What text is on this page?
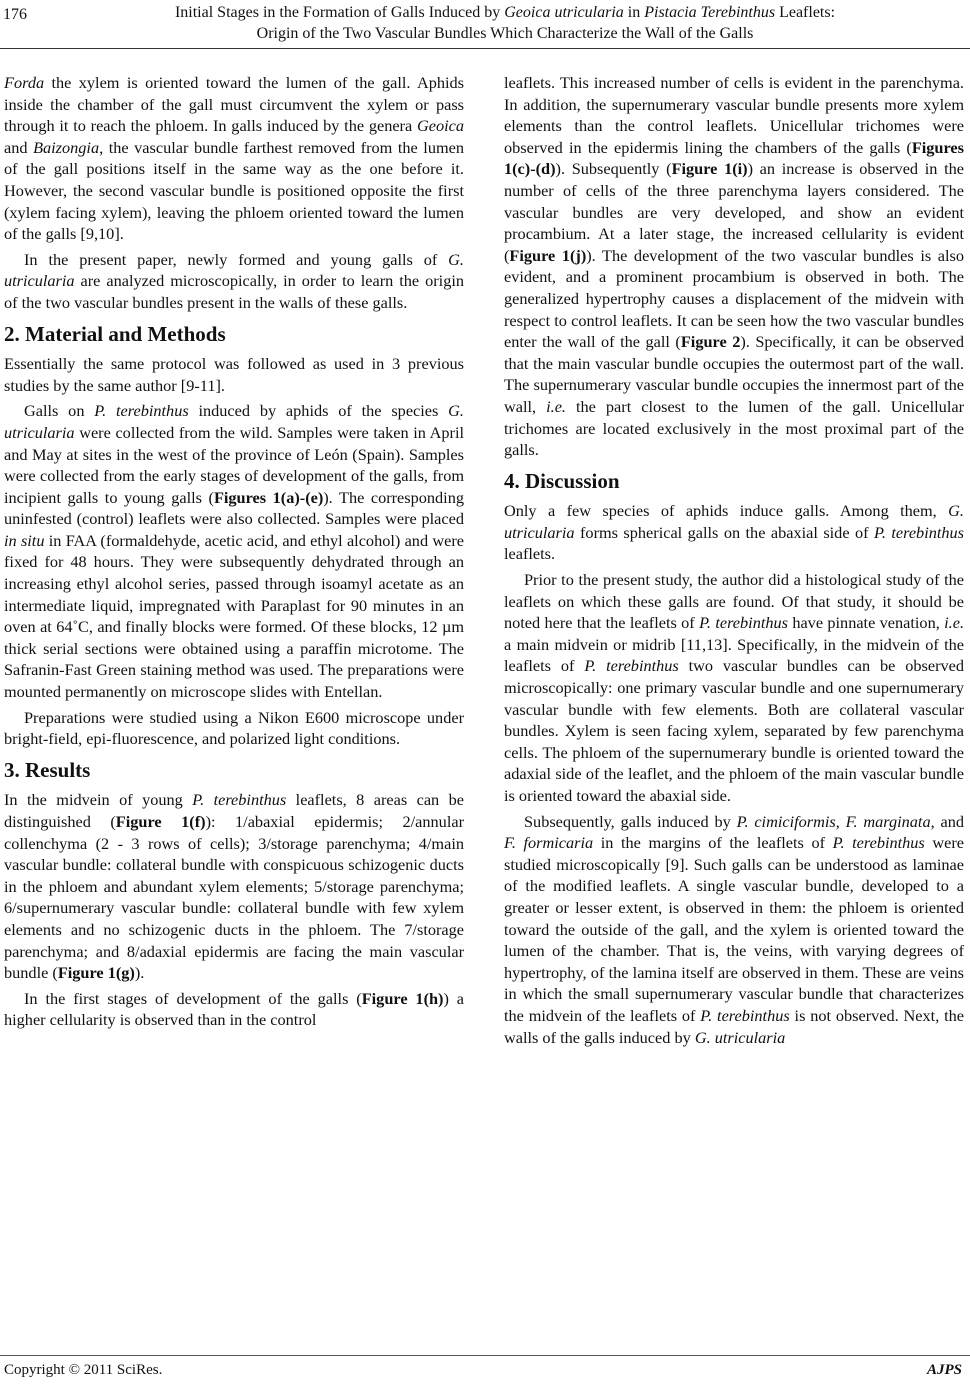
176	Initial Stages in the Formation of Galls Induced by Geoica utricularia in Pistacia Terebinthus Leaflets:
Origin of the Two Vascular Bundles Which Characterize the Wall of the Galls

Forda the xylem is oriented toward the lumen of the gall. Aphids inside the chamber of the gall must circumvent the xylem or pass through it to reach the phloem. In galls induced by the genera Geoica and Baizongia, the vascular bundle farthest removed from the lumen of the gall positions itself in the same way as the one before it. However, the second vascular bundle is positioned opposite the first (xylem facing xylem), leaving the phloem oriented toward the lumen of the galls [9,10].

In the present paper, newly formed and young galls of G. utricularia are analyzed microscopically, in order to learn the origin of the two vascular bundles present in the walls of these galls.

2. Material and Methods

Essentially the same protocol was followed as used in 3 previous studies by the same author [9-11].

Galls on P. terebinthus induced by aphids of the species G. utricularia were collected from the wild. Samples were taken in April and May at sites in the west of the province of León (Spain). Samples were collected from the early stages of development of the galls, from incipient galls to young galls (Figures 1(a)-(e)). The corresponding uninfested (control) leaflets were also collected. Samples were placed in situ in FAA (formaldehyde, acetic acid, and ethyl alcohol) and were fixed for 48 hours. They were subsequently dehydrated through an increasing ethyl alcohol series, passed through isoamyl acetate as an intermediate liquid, impregnated with Paraplast for 90 minutes in an oven at 64˚C, and finally blocks were formed. Of these blocks, 12 µm thick serial sections were obtained using a paraffin microtome. The Safranin-Fast Green staining method was used. The preparations were mounted permanently on microscope slides with Entellan.

Preparations were studied using a Nikon E600 microscope under bright-field, epi-fluorescence, and polarized light conditions.

3. Results

In the midvein of young P. terebinthus leaflets, 8 areas can be distinguished (Figure 1(f)): 1/abaxial epidermis; 2/annular collenchyma (2 - 3 rows of cells); 3/storage parenchyma; 4/main vascular bundle: collateral bundle with conspicuous schizogenic ducts in the phloem and abundant xylem elements; 5/storage parenchyma; 6/supernumerary vascular bundle: collateral bundle with few xylem elements and no schizogenic ducts in the phloem. The 7/storage parenchyma; and 8/adaxial epidermis are facing the main vascular bundle (Figure 1(g)).

In the first stages of development of the galls (Figure 1(h)) a higher cellularity is observed than in the control

leaflets. This increased number of cells is evident in the parenchyma. In addition, the supernumerary vascular bundle presents more xylem elements than the control leaflets. Unicellular trichomes were observed in the epidermis lining the chambers of the galls (Figures 1(c)-(d)). Subsequently (Figure 1(i)) an increase is observed in the number of cells of the three parenchyma layers considered. The vascular bundles are very developed, and show an evident procambium. At a later stage, the increased cellularity is evident (Figure 1(j)). The development of the two vascular bundles is also evident, and a prominent procambium is observed in both. The generalized hypertrophy causes a displacement of the midvein with respect to control leaflets. It can be seen how the two vascular bundles enter the wall of the gall (Figure 2). Specifically, it can be observed that the main vascular bundle occupies the outermost part of the wall. The supernumerary vascular bundle occupies the innermost part of the wall, i.e. the part closest to the lumen of the gall. Unicellular trichomes are located exclusively in the most proximal part of the galls.

4. Discussion

Only a few species of aphids induce galls. Among them, G. utricularia forms spherical galls on the abaxial side of P. terebinthus leaflets.

Prior to the present study, the author did a histological study of the leaflets on which these galls are found. Of that study, it should be noted here that the leaflets of P. terebinthus have pinnate venation, i.e. a main midvein or midrib [11,13]. Specifically, in the midvein of the leaflets of P. terebinthus two vascular bundles can be observed microscopically: one primary vascular bundle and one supernumerary vascular bundle with few elements. Both are collateral vascular bundles. Xylem is seen facing xylem, separated by few parenchyma cells. The phloem of the supernumerary bundle is oriented toward the adaxial side of the leaflet, and the phloem of the main vascular bundle is oriented toward the abaxial side.

Subsequently, galls induced by P. cimiciformis, F. marginata, and F. formicaria in the margins of the leaflets of P. terebinthus were studied microscopically [9]. Such galls can be understood as laminae of the modified leaflets. A single vascular bundle, developed to a greater or lesser extent, is observed in them: the phloem is oriented toward the outside of the gall, and the xylem is oriented toward the lumen of the chamber. That is, the veins, with varying degrees of hypertrophy, of the lamina itself are observed in them. These are veins in which the small supernumerary vascular bundle that characterizes the midvein of the leaflets of P. terebinthus is not observed. Next, the walls of the galls induced by G. utricularia

Copyright © 2011 SciRes.	AJPS
